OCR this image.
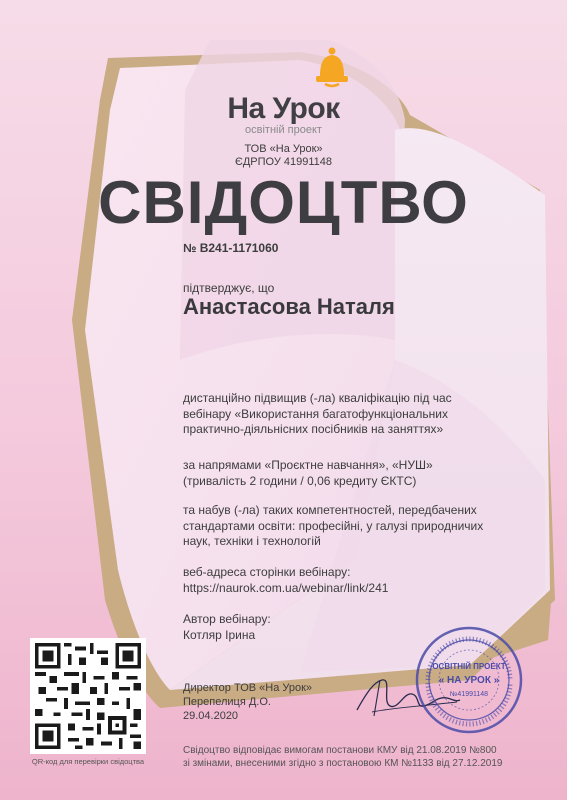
На Урок
освітній проект
ТОВ «На Урок»
ЄДРПОУ 41991148
СВІДОЦТВО
№ В241-1171060
підтверджує, що
Анастасова Наталя
дистанційно підвищив (-ла) кваліфікацію під час
вебінару «Використання багатофункціональних
практично-діяльнісних посібників на заняттях»
за напрямами «Проєктне навчання», «НУШ»
(тривалість 2 години / 0,06 кредиту ЄКТС)
та набув (-ла) таких компетентностей, передбачених
стандартами освіти: професійні, у галузі природничих
наук, техніки і технологій
веб-адреса сторінки вебінару:
https://naurok.com.ua/webinar/link/241
Автор вебінару:
Котляр Ірина
Директор ТОВ «На Урок»
Перепелиця Д.О.
29.04.2020
ОСВІТНІЙ ПРОЕКТ
« НА УРОК »
№41991148
QR-код для перевірки свідоцтва
Свідоцтво відповідає вимогам постанови КМУ від 21.08.2019 №800
зі змінами, внесеними згідно з постановою КМ №1133 від 27.12.2019
